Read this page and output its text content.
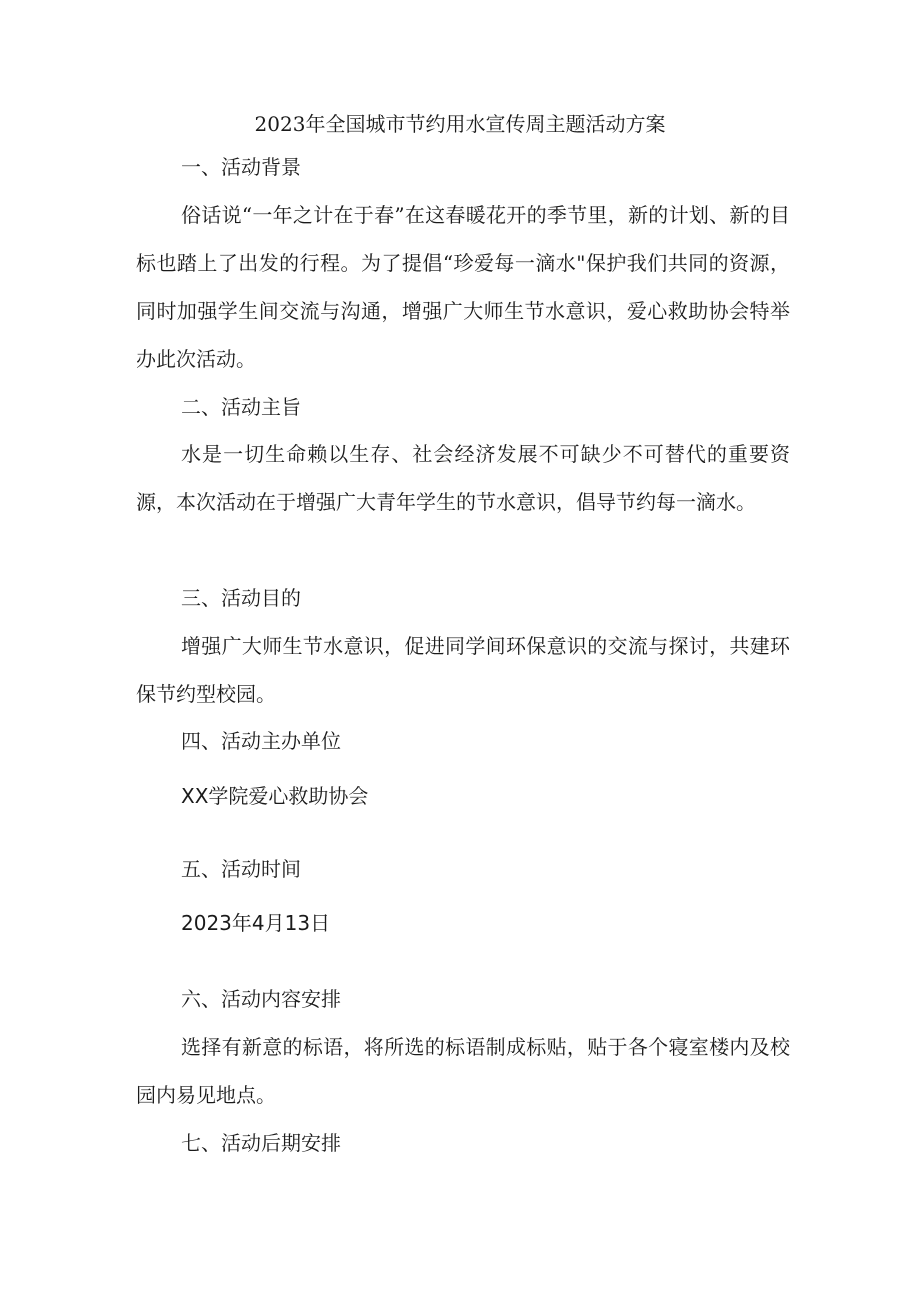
2023年全国城市节约用水宣传周主题活动方案

一、活动背景

俗话说“一年之计在于春”在这春暖花开的季节里，新的计划、新的目标也踏上了出发的行程。为了提倡“珍爱每一滴水"保护我们共同的资源，同时加强学生间交流与沟通，增强广大师生节水意识，爱心救助协会特举办此次活动。

二、活动主旨

水是一切生命赖以生存、社会经济发展不可缺少不可替代的重要资源，本次活动在于增强广大青年学生的节水意识，倡导节约每一滴水。

三、活动目的

增强广大师生节水意识，促进同学间环保意识的交流与探讨，共建环保节约型校园。

四、活动主办单位

XX学院爱心救助协会

五、活动时间

2023年4月13日

六、活动内容安排

选择有新意的标语，将所选的标语制成标贴，贴于各个寝室楼内及校园内易见地点。

七、活动后期安排
